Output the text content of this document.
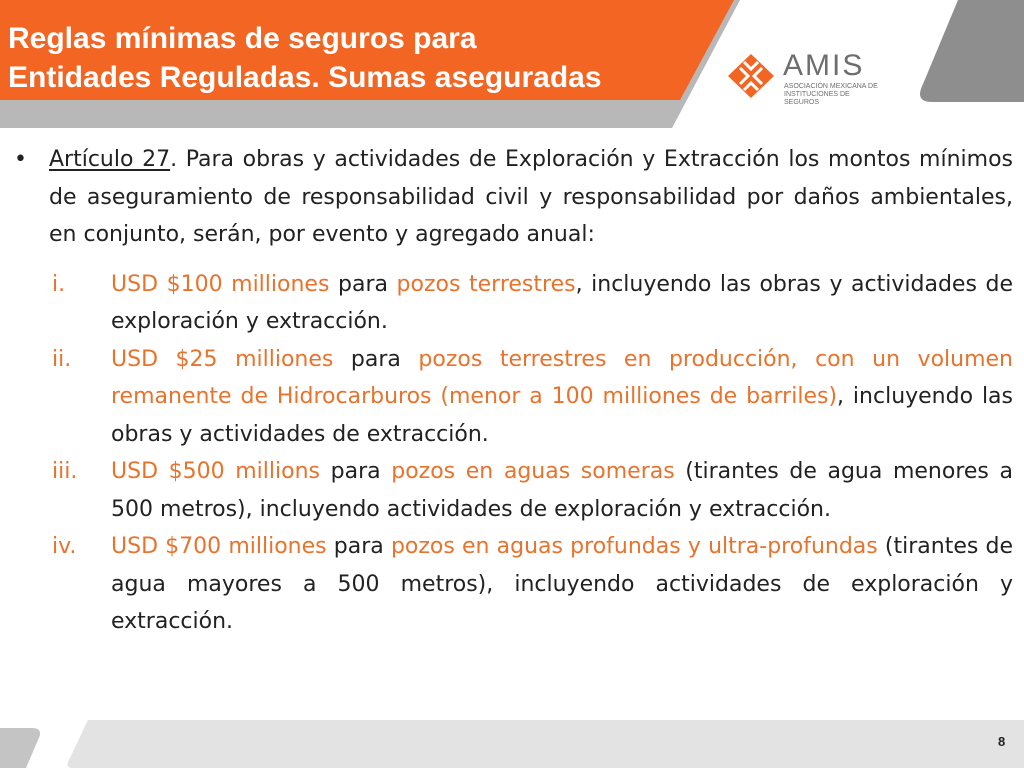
Reglas mínimas de seguros para
Entidades Reguladas. Sumas aseguradas	AMIS
ASOCIACIÓN MEXICANA DE
INSTITUCIONES DE SEGUROS

• Artículo 27. Para obras y actividades de Exploración y Extracción los montos mínimos de aseguramiento de responsabilidad civil y responsabilidad por daños ambientales, en conjunto, serán, por evento y agregado anual:

i. USD $100 milliones para pozos terrestres, incluyendo las obras y actividades de exploración y extracción.
ii. USD $25 milliones para pozos terrestres en producción, con un volumen remanente de Hidrocarburos (menor a 100 milliones de barriles), incluyendo las obras y actividades de extracción.
iii. USD $500 millions para pozos en aguas someras (tirantes de agua menores a 500 metros), incluyendo actividades de exploración y extracción.
iv. USD $700 milliones para pozos en aguas profundas y ultra-profundas (tirantes de agua mayores a 500 metros), incluyendo actividades de exploración y extracción.
8
